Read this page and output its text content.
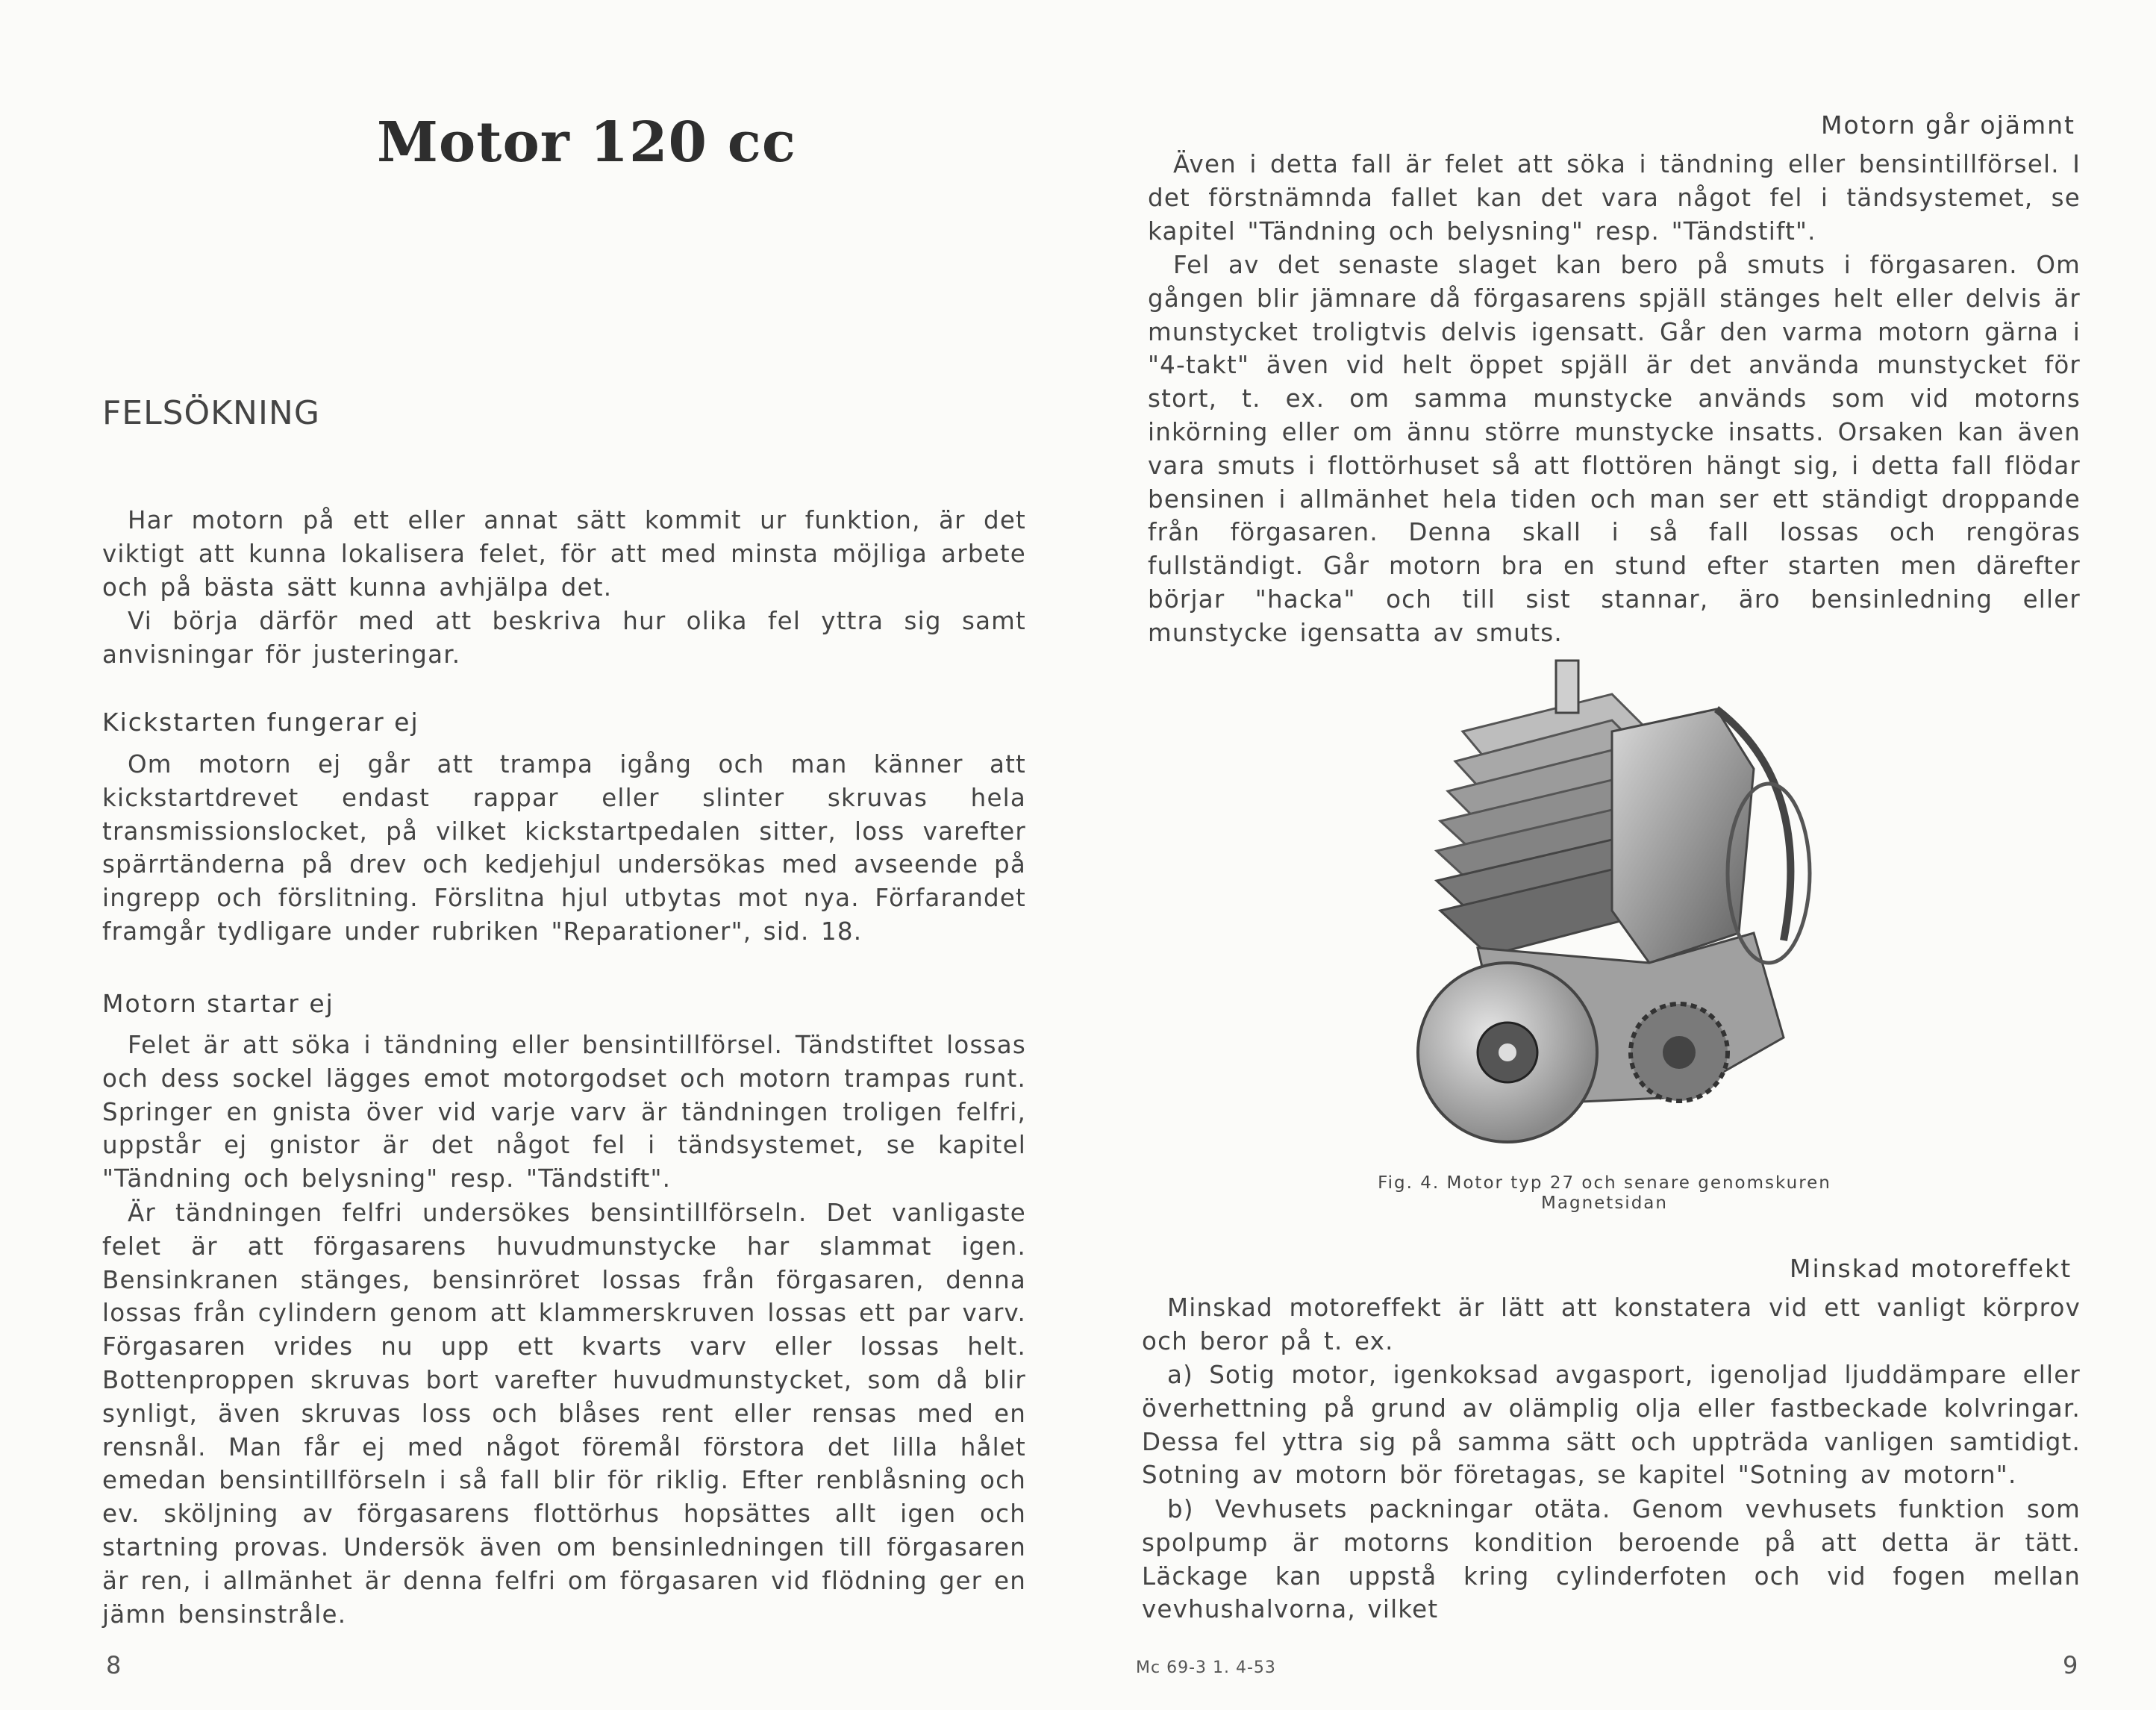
Motor 120 cc
FELSÖKNING

Har motorn på ett eller annat sätt kommit ur funktion, är det viktigt att kunna lokalisera felet, för att med minsta möjliga arbete och på bästa sätt kunna avhjälpa det.

Vi börja därför med att beskriva hur olika fel yttra sig samt anvisningar för justeringar.

Kickstarten fungerar ej

Om motorn ej går att trampa igång och man känner att kickstartdrevet endast rappar eller slinter skruvas hela transmissionslocket, på vilket kickstartpedalen sitter, loss varefter spärrtänderna på drev och kedjehjul undersökas med avseende på ingrepp och förslitning. Förslitna hjul utbytas mot nya. Förfarandet framgår tydligare under rubriken "Reparationer", sid. 18.

Motorn startar ej

Felet är att söka i tändning eller bensintillförsel. Tändstiftet lossas och dess sockel lägges emot motorgodset och motorn trampas runt. Springer en gnista över vid varje varv är tändningen troligen felfri, uppstår ej gnistor är det något fel i tändsystemet, se kapitel "Tändning och belysning" resp. "Tändstift".

Är tändningen felfri undersökes bensintillförseln. Det vanligaste felet är att förgasarens huvudmunstycke har slammat igen. Bensinkranen stänges, bensinröret lossas från förgasaren, denna lossas från cylindern genom att klammerskruven lossas ett par varv. Förgasaren vrides nu upp ett kvarts varv eller lossas helt. Bottenproppen skruvas bort varefter huvudmunstycket, som då blir synligt, även skruvas loss och blåses rent eller rensas med en rensnål. Man får ej med något föremål förstora det lilla hålet emedan bensintillförseln i så fall blir för riklig. Efter renblåsning och ev. sköljning av förgasarens flottörhus hopsättes allt igen och startning provas. Undersök även om bensinledningen till förgasaren är ren, i allmänhet är denna felfri om förgasaren vid flödning ger en jämn bensinstråle.

8
Motorn går ojämnt

Även i detta fall är felet att söka i tändning eller bensintillförsel. I det förstnämnda fallet kan det vara något fel i tändsystemet, se kapitel "Tändning och belysning" resp. "Tändstift".

Fel av det senaste slaget kan bero på smuts i förgasaren. Om gången blir jämnare då förgasarens spjäll stänges helt eller delvis är munstycket troligtvis delvis igensatt. Går den varma motorn gärna i "4-takt" även vid helt öppet spjäll är det använda munstycket för stort, t. ex. om samma munstycke används som vid motorns inkörning eller om ännu större munstycke insatts. Orsaken kan även vara smuts i flottörhuset så att flottören hängt sig, i detta fall flödar bensinen i allmänhet hela tiden och man ser ett ständigt droppande från förgasaren. Denna skall i så fall lossas och rengöras fullständigt. Går motorn bra en stund efter starten men därefter börjar "hacka" och till sist stannar, äro bensinledning eller munstycke igensatta av smuts.

Fig. 4. Motor typ 27 och senare genomskuren
Magnetsidan
Minskad motoreffekt

Minskad motoreffekt är lätt att konstatera vid ett vanligt körprov och beror på t. ex.

a) Sotig motor, igenkoksad avgasport, igenoljad ljuddämpare eller överhettning på grund av olämplig olja eller fastbeckade kolvringar. Dessa fel yttra sig på samma sätt och uppträda vanligen samtidigt. Sotning av motorn bör företagas, se kapitel "Sotning av motorn".

b) Vevhusets packningar otäta. Genom vevhusets funktion som spolpump är motorns kondition beroende på att detta är tätt. Läckage kan uppstå kring cylinderfoten och vid fogen mellan vevhushalvorna, vilket

Mc 69-3 1. 4-53	9
